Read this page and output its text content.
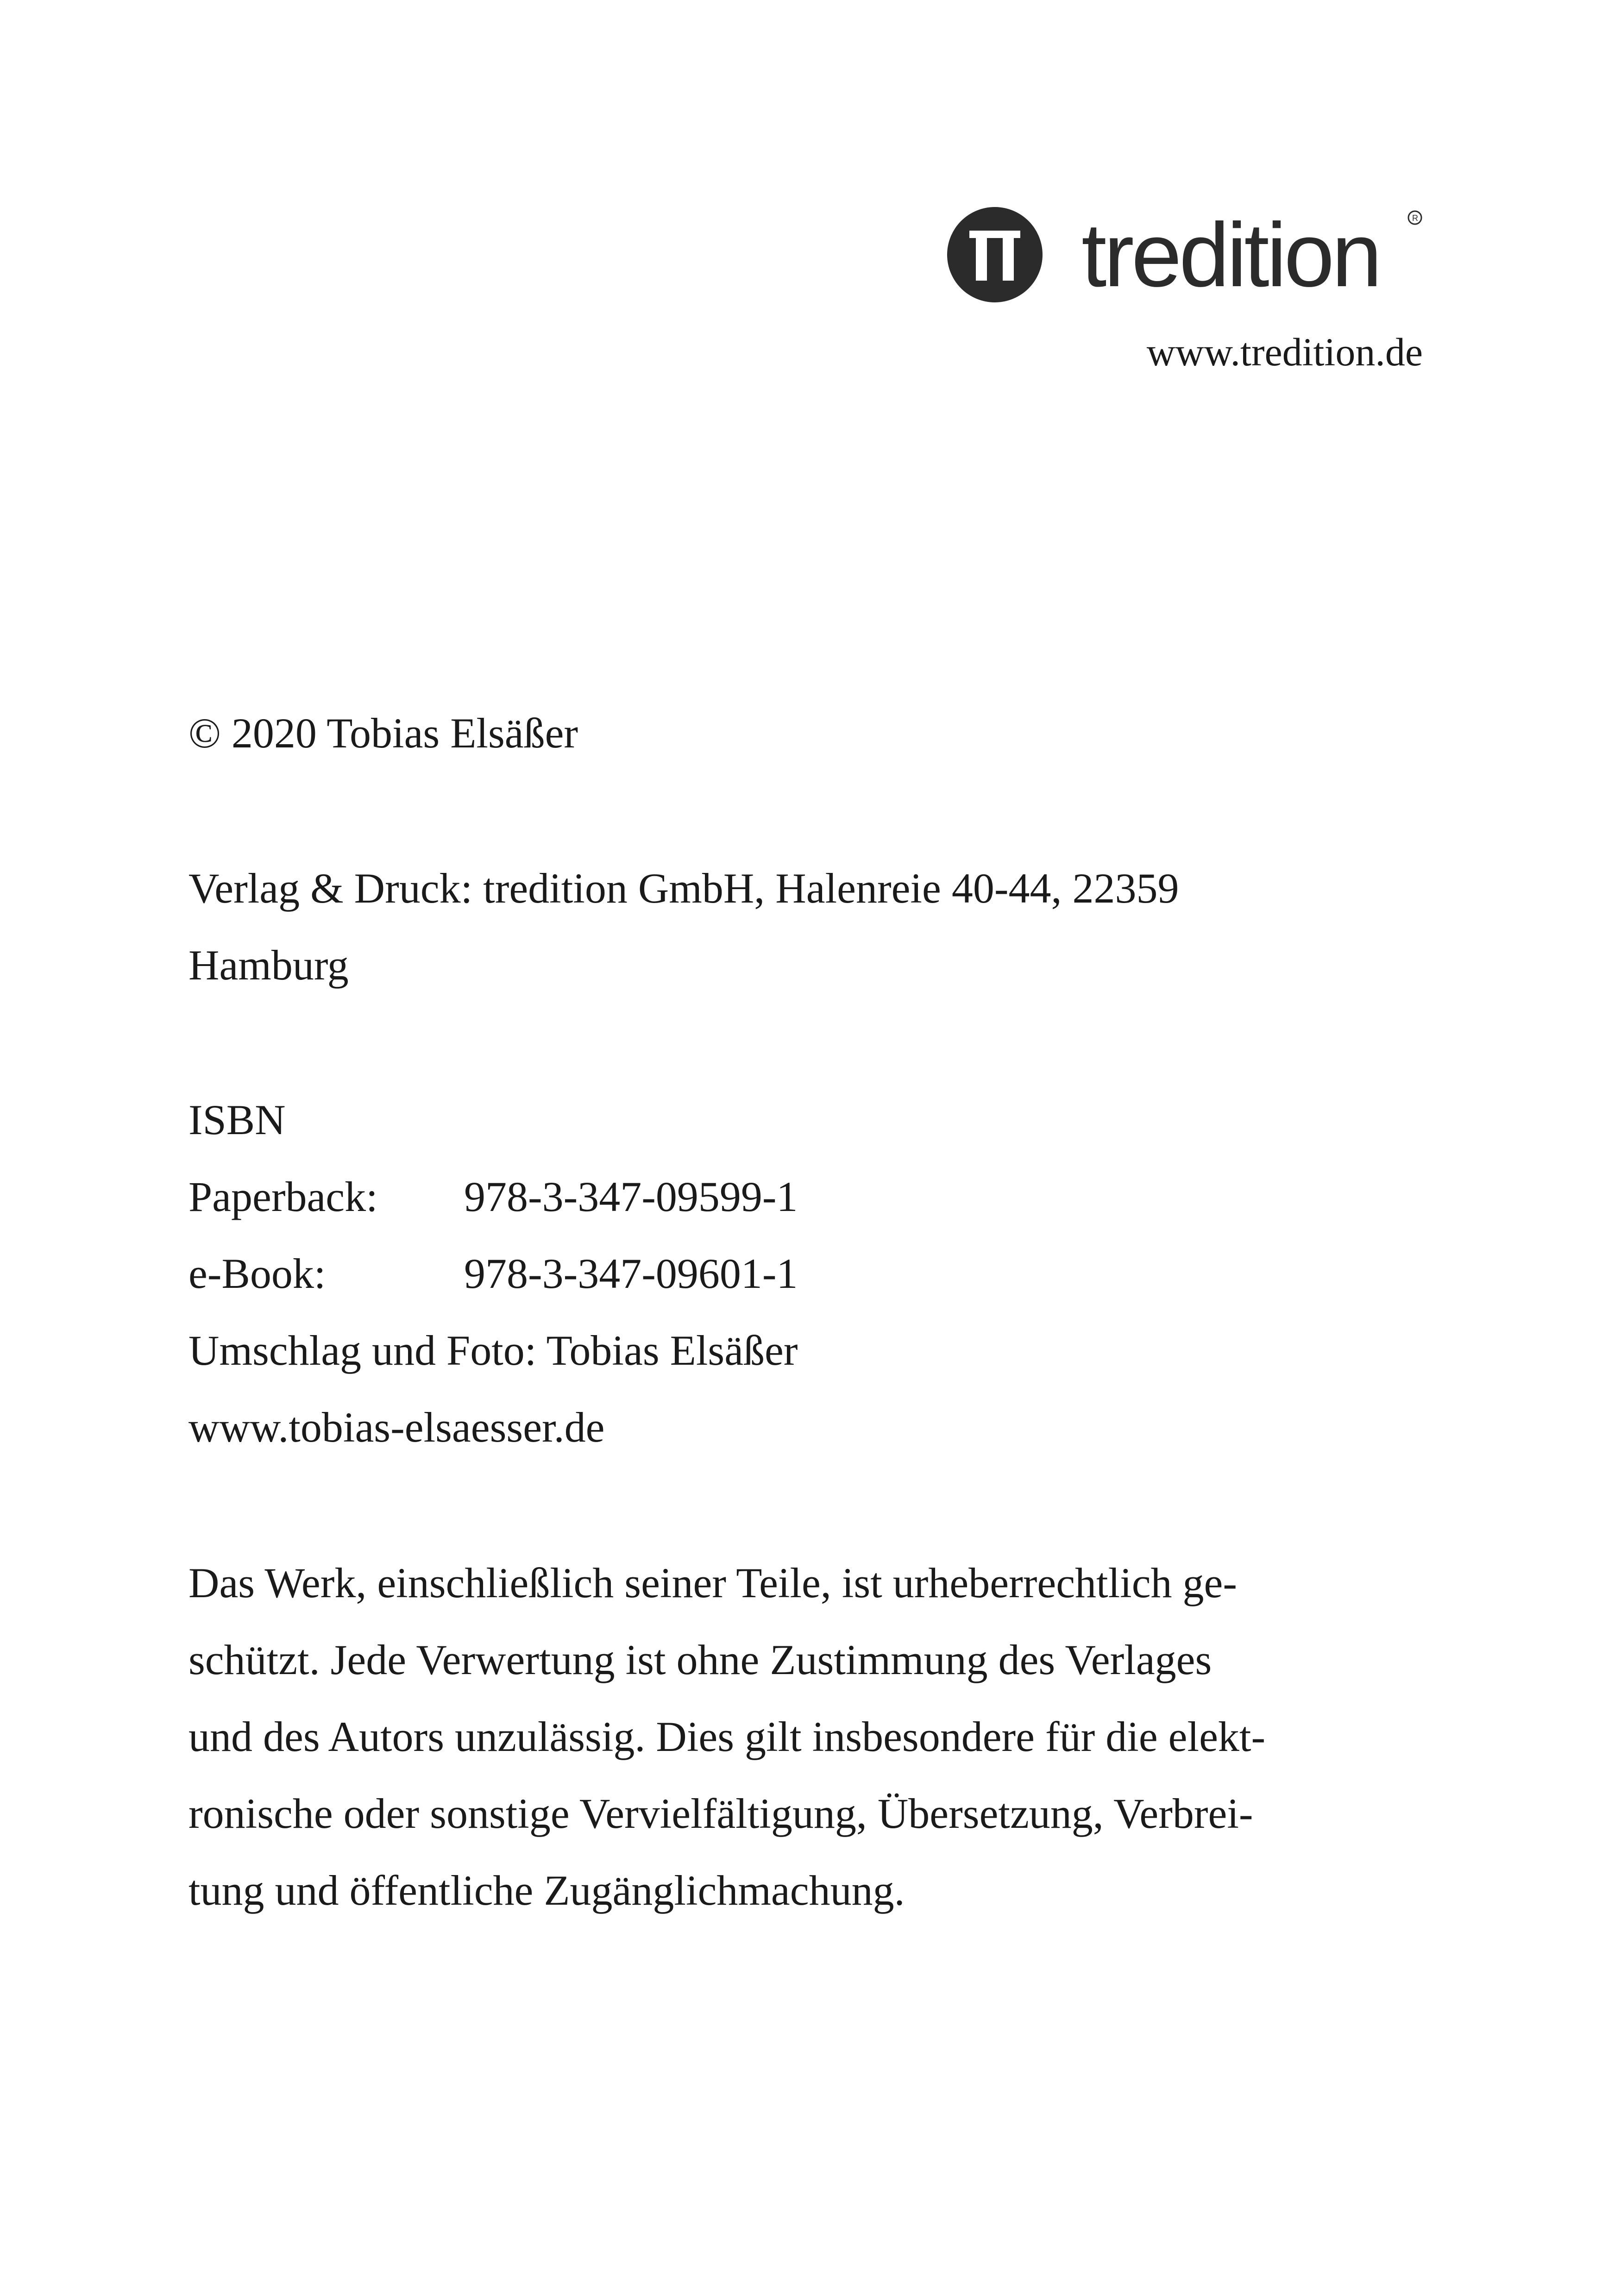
tredition	R
www.tredition.de
© 2020 Tobias Elsäßer
Verlag & Druck: tredition GmbH, Halenreie 40-44, 22359
Hamburg
ISBN
Paperback: 978-3-347-09599-1
e-Book:	978-3-347-09601-1
Umschlag und Foto: Tobias Elsäßer
www.tobias-elsaesser.de
Das Werk, einschließlich seiner Teile, ist urheberrechtlich ge-
schützt. Jede Verwertung ist ohne Zustimmung des Verlages
und des Autors unzulässig. Dies gilt insbesondere für die elekt-
ronische oder sonstige Vervielfältigung, Übersetzung, Verbrei-
tung und öffentliche Zugänglichmachung.
